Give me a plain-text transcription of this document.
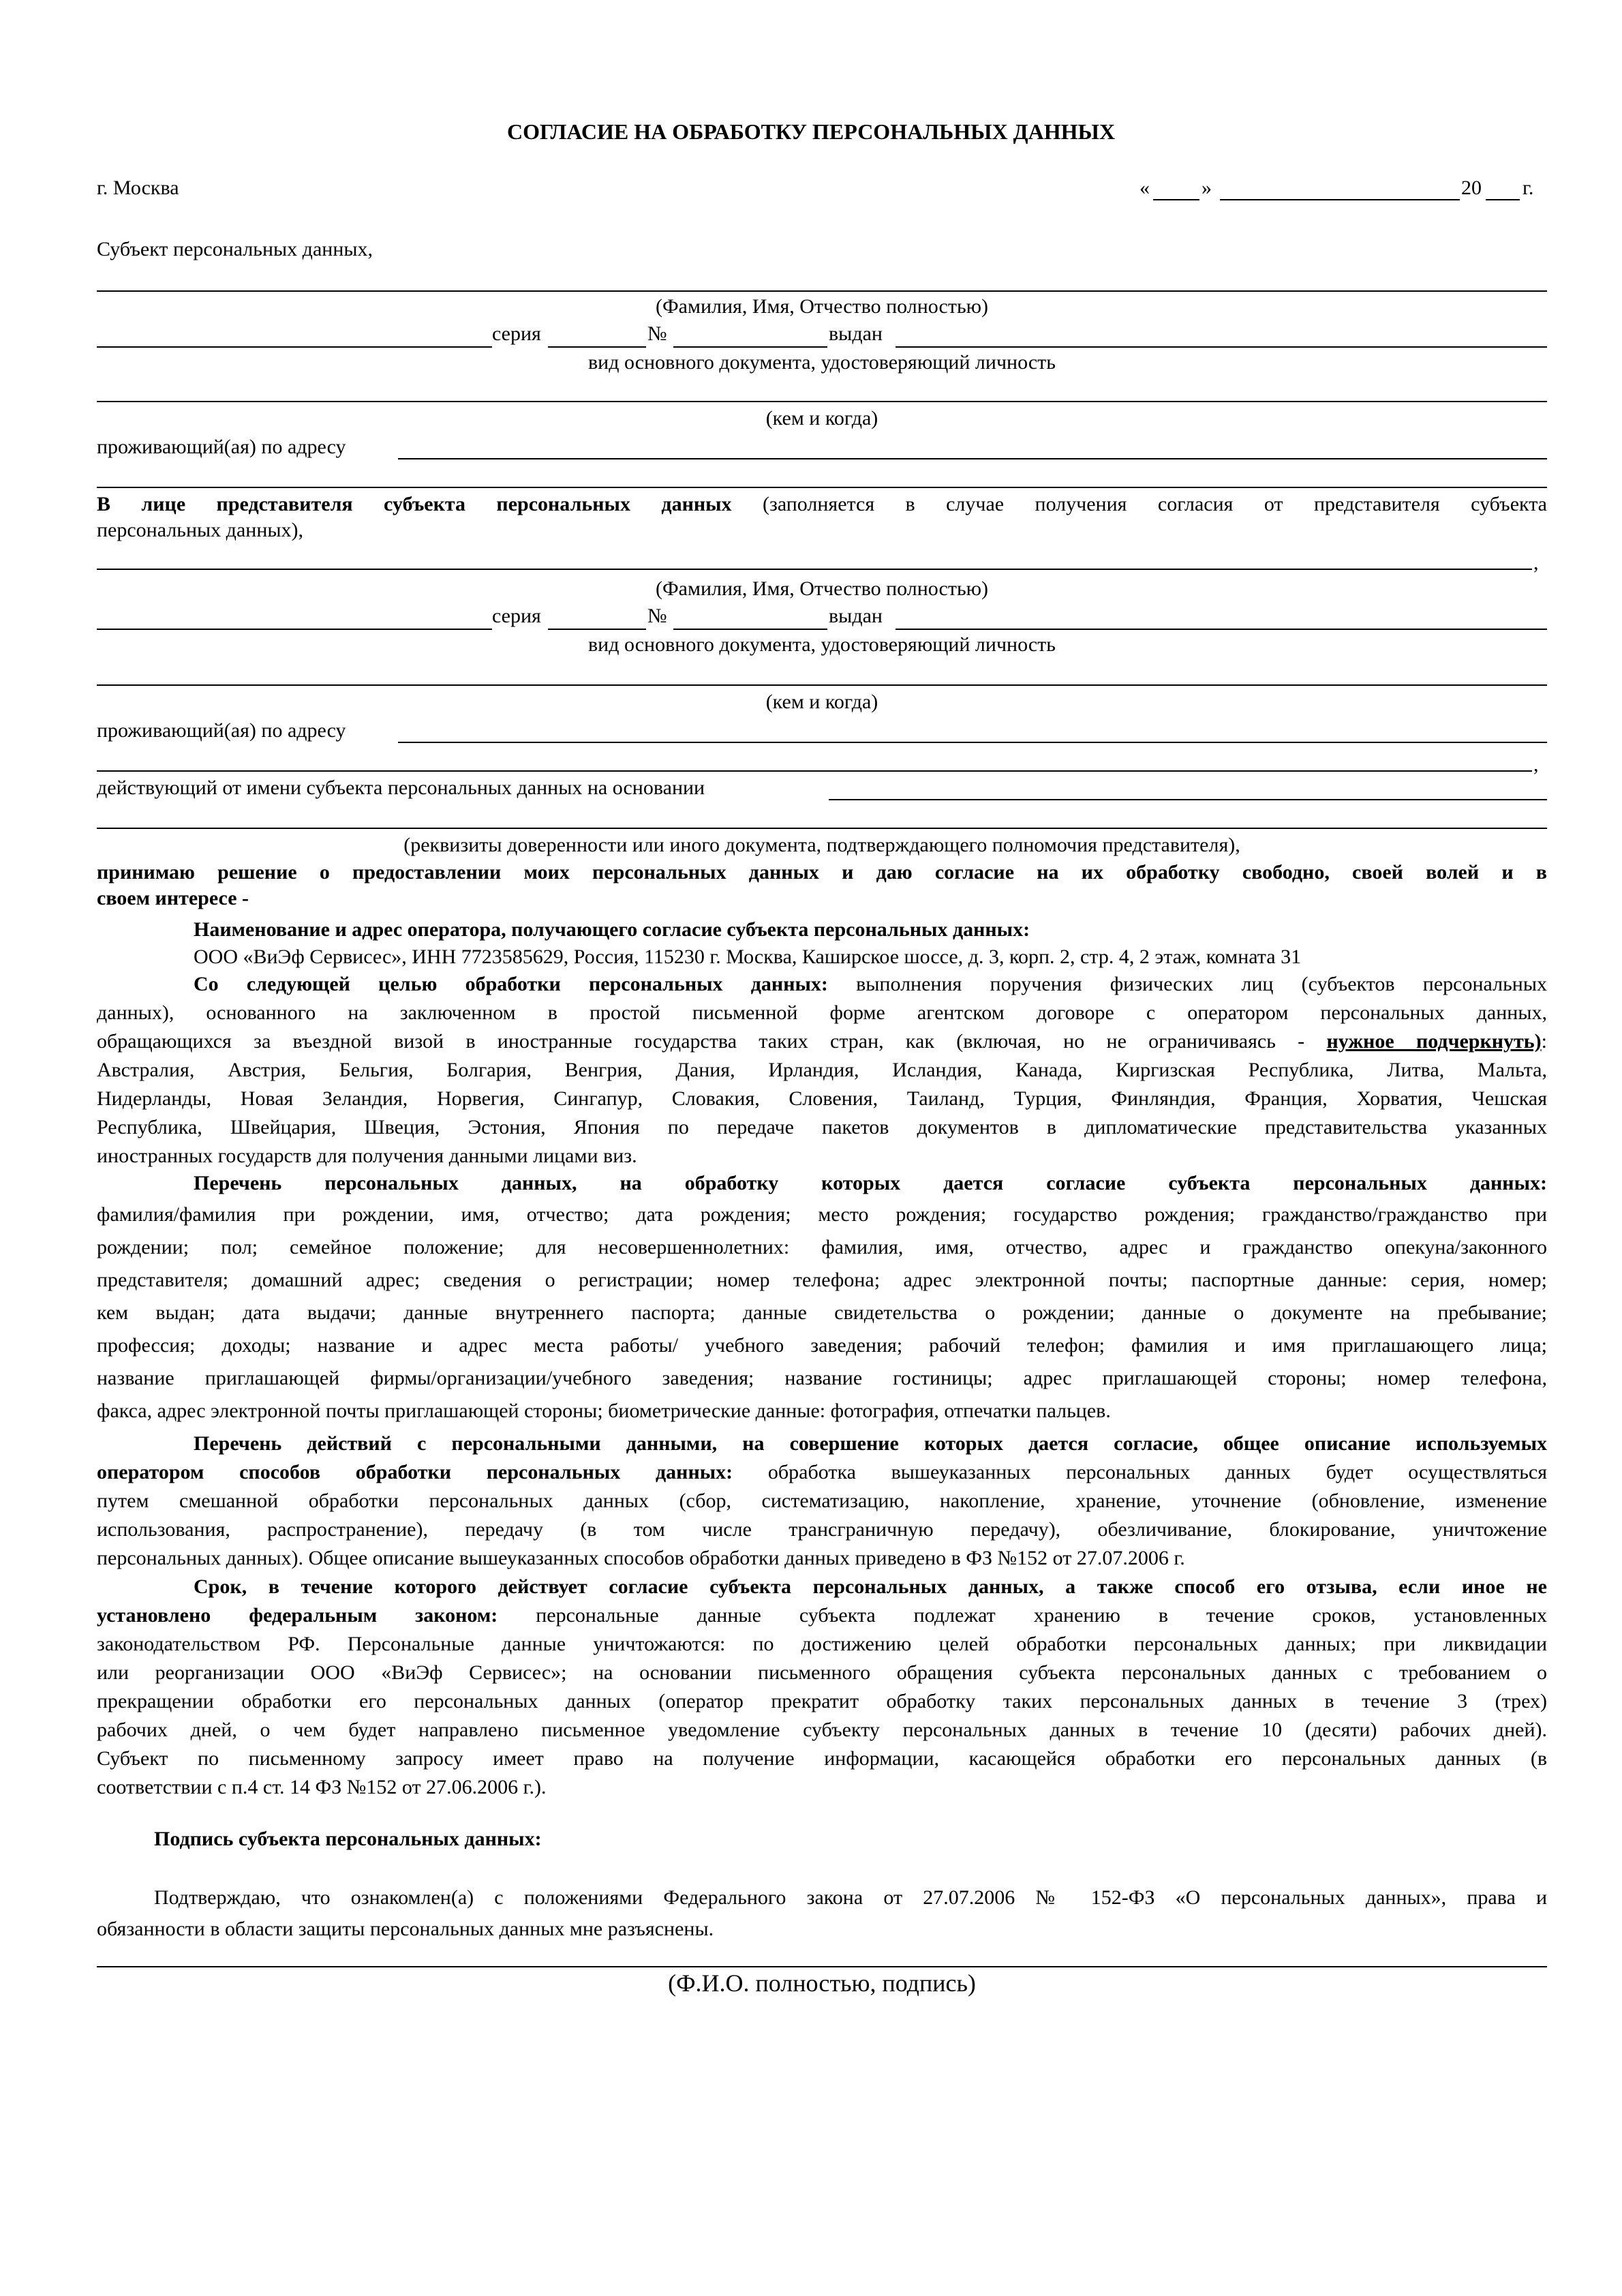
СОГЛАСИЕ НА ОБРАБОТКУ ПЕРСОНАЛЬНЫХ ДАННЫХ
г. Москва	«	»	20 г.
Субъект персональных данных,
(Фамилия, Имя, Отчество полностью)
серия	№	выдан
вид основного документа, удостоверяющий личность
(кем и когда)
проживающий(ая) по адресу
В лице представителя субъекта персональных данных (заполняется в случае получения согласия от представителя субъекта
персональных данных),
,
(Фамилия, Имя, Отчество полностью)
серия	№	выдан
вид основного документа, удостоверяющий личность
(кем и когда)
проживающий(ая) по адресу
,
действующий от имени субъекта персональных данных на основании
(реквизиты доверенности или иного документа, подтверждающего полномочия представителя),
принимаю решение о предоставлении моих персональных данных и даю согласие на их обработку свободно, своей волей и в
своем интересе -
Наименование и адрес оператора, получающего согласие субъекта персональных данных:
ООО «ВиЭф Сервисес», ИНН 7723585629, Россия, 115230 г. Москва, Каширское шоссе, д. 3, корп. 2, стр. 4, 2 этаж, комната 31
Со следующей целью обработки персональных данных: выполнения поручения физических лиц (субъектов персональных
данных), основанного на заключенном в простой письменной форме агентском договоре с оператором персональных данных,
обращающихся за въездной визой в иностранные государства таких стран, как (включая, но не ограничиваясь - нужное подчеркнуть):
Австралия, Австрия, Бельгия, Болгария, Венгрия, Дания, Ирландия, Исландия, Канада, Киргизская Республика, Литва, Мальта,
Нидерланды, Новая Зеландия, Норвегия, Сингапур, Словакия, Словения, Таиланд, Турция, Финляндия, Франция, Хорватия, Чешская
Республика, Швейцария, Швеция, Эстония, Япония по передаче пакетов документов в дипломатические представительства указанных
иностранных государств для получения данными лицами виз.
Перечень персональных данных, на обработку которых дается согласие субъекта персональных данных:
фамилия/фамилия при рождении, имя, отчество; дата рождения; место рождения; государство рождения; гражданство/гражданство при
рождении; пол; семейное положение; для несовершеннолетних: фамилия, имя, отчество, адрес и гражданство опекуна/законного
представителя; домашний адрес; сведения о регистрации; номер телефона; адрес электронной почты; паспортные данные: серия, номер;
кем выдан; дата выдачи; данные внутреннего паспорта; данные свидетельства о рождении; данные о документе на пребывание;
профессия; доходы; название и адрес места работы/ учебного заведения; рабочий телефон; фамилия и имя приглашающего лица;
название приглашающей фирмы/организации/учебного заведения; название гостиницы; адрес приглашающей стороны; номер телефона,
факса, адрес электронной почты приглашающей стороны; биометрические данные: фотография, отпечатки пальцев.
Перечень действий с персональными данными, на совершение которых дается согласие, общее описание используемых
оператором способов обработки персональных данных: обработка вышеуказанных персональных данных будет осуществляться
путем смешанной обработки персональных данных (сбор, систематизацию, накопление, хранение, уточнение (обновление, изменение
использования, распространение), передачу (в том числе трансграничную передачу), обезличивание, блокирование, уничтожение
персональных данных). Общее описание вышеуказанных способов обработки данных приведено в ФЗ №152 от 27.07.2006 г.
Срок, в течение которого действует согласие субъекта персональных данных, а также способ его отзыва, если иное не
установлено федеральным законом: персональные данные субъекта подлежат хранению в течение сроков, установленных
законодательством РФ. Персональные данные уничтожаются: по достижению целей обработки персональных данных; при ликвидации
или реорганизации ООО «ВиЭф Сервисес»; на основании письменного обращения субъекта персональных данных с требованием о
прекращении обработки его персональных данных (оператор прекратит обработку таких персональных данных в течение 3 (трех)
рабочих дней, о чем будет направлено письменное уведомление субъекту персональных данных в течение 10 (десяти) рабочих дней).
Субъект по письменному запросу имеет право на получение информации, касающейся обработки его персональных данных (в
соответствии с п.4 ст. 14 ФЗ №152 от 27.06.2006 г.).
Подпись субъекта персональных данных:
Подтверждаю, что ознакомлен(а) с положениями Федерального закона от 27.07.2006 № 152-ФЗ «О персональных данных», права и
обязанности в области защиты персональных данных мне разъяснены.
(Ф.И.О. полностью, подпись)
